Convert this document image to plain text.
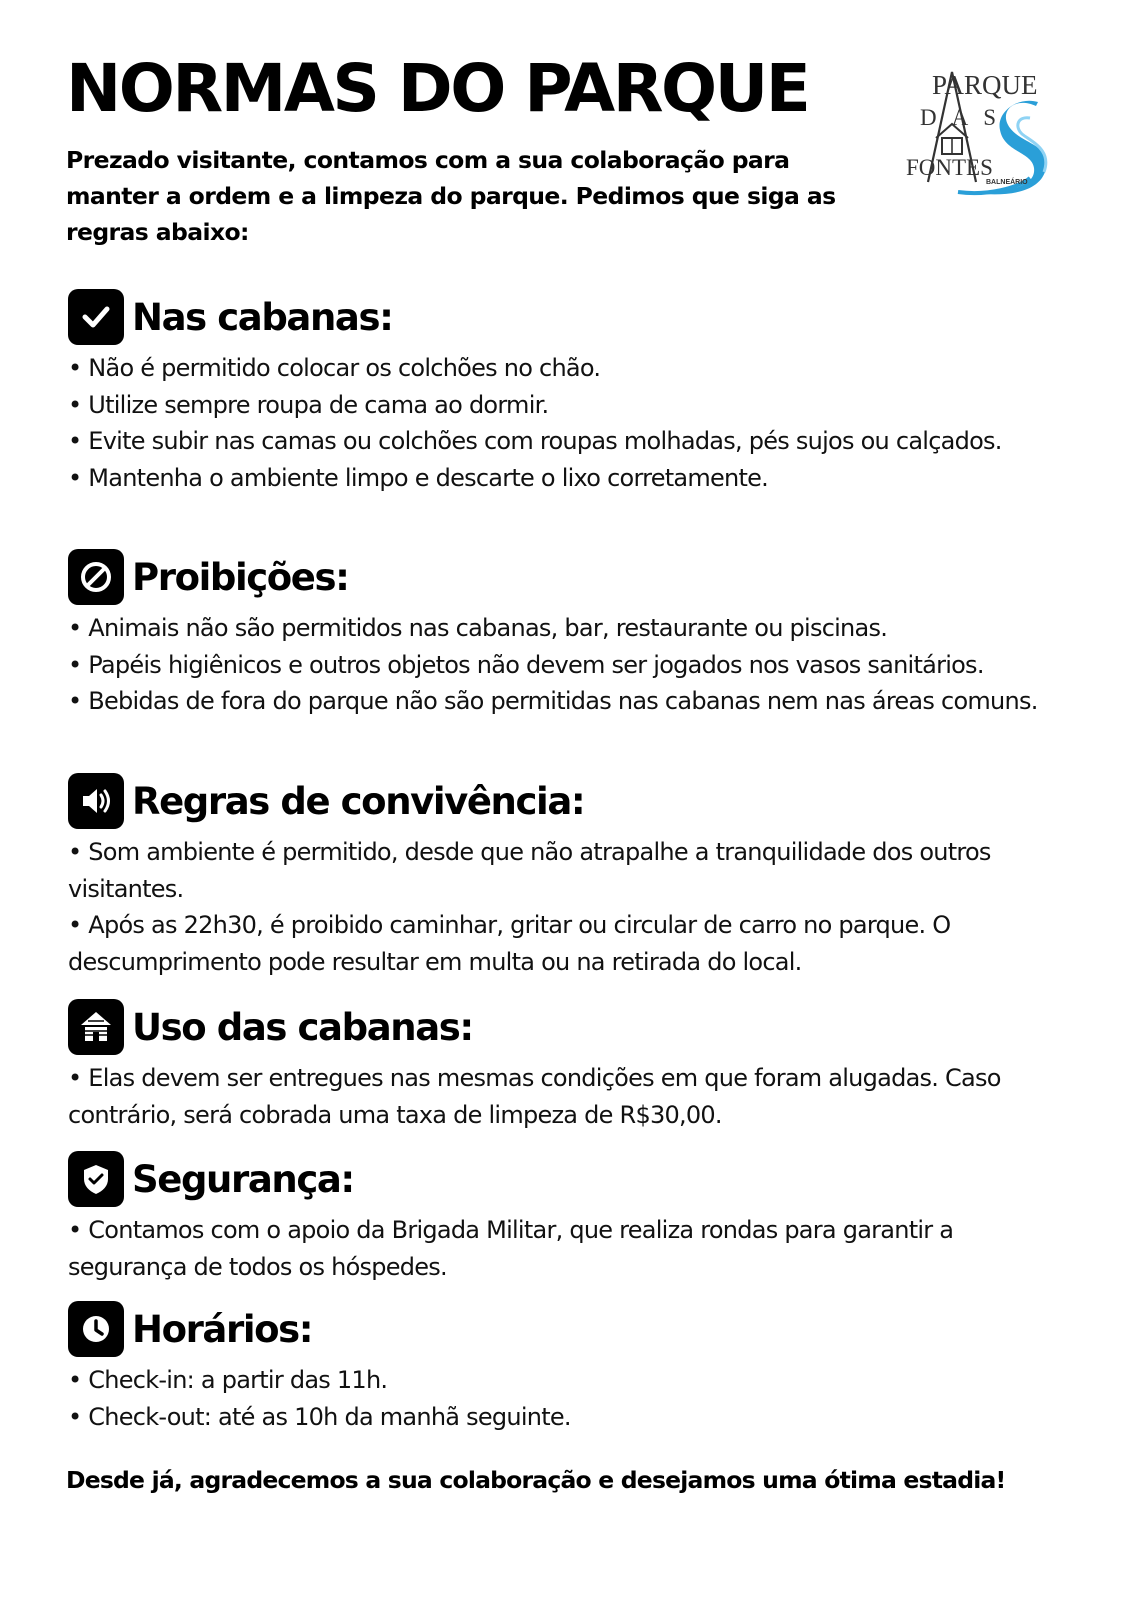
NORMAS DO PARQUE

Prezado visitante, contamos com a sua colaboração para manter a ordem e a limpeza do parque. Pedimos que siga as regras abaixo:

PARQUE
DAS
FONTES
BALNEÁRIO
Nas cabanas:

• Não é permitido colocar os colchões no chão.

• Utilize sempre roupa de cama ao dormir.

• Evite subir nas camas ou colchões com roupas molhadas, pés sujos ou calçados.

• Mantenha o ambiente limpo e descarte o lixo corretamente.

Proibições:

• Animais não são permitidos nas cabanas, bar, restaurante ou piscinas.

• Papéis higiênicos e outros objetos não devem ser jogados nos vasos sanitários.

• Bebidas de fora do parque não são permitidas nas cabanas nem nas áreas comuns.

Regras de convivência:

• Som ambiente é permitido, desde que não atrapalhe a tranquilidade dos outros visitantes.

• Após as 22h30, é proibido caminhar, gritar ou circular de carro no parque. O descumprimento pode resultar em multa ou na retirada do local.

Uso das cabanas:

• Elas devem ser entregues nas mesmas condições em que foram alugadas. Caso contrário, será cobrada uma taxa de limpeza de R$30,00.

Segurança:

• Contamos com o apoio da Brigada Militar, que realiza rondas para garantir a segurança de todos os hóspedes.

Horários:

• Check-in: a partir das 11h.

• Check-out: até as 10h da manhã seguinte.

Desde já, agradecemos a sua colaboração e desejamos uma ótima estadia!
